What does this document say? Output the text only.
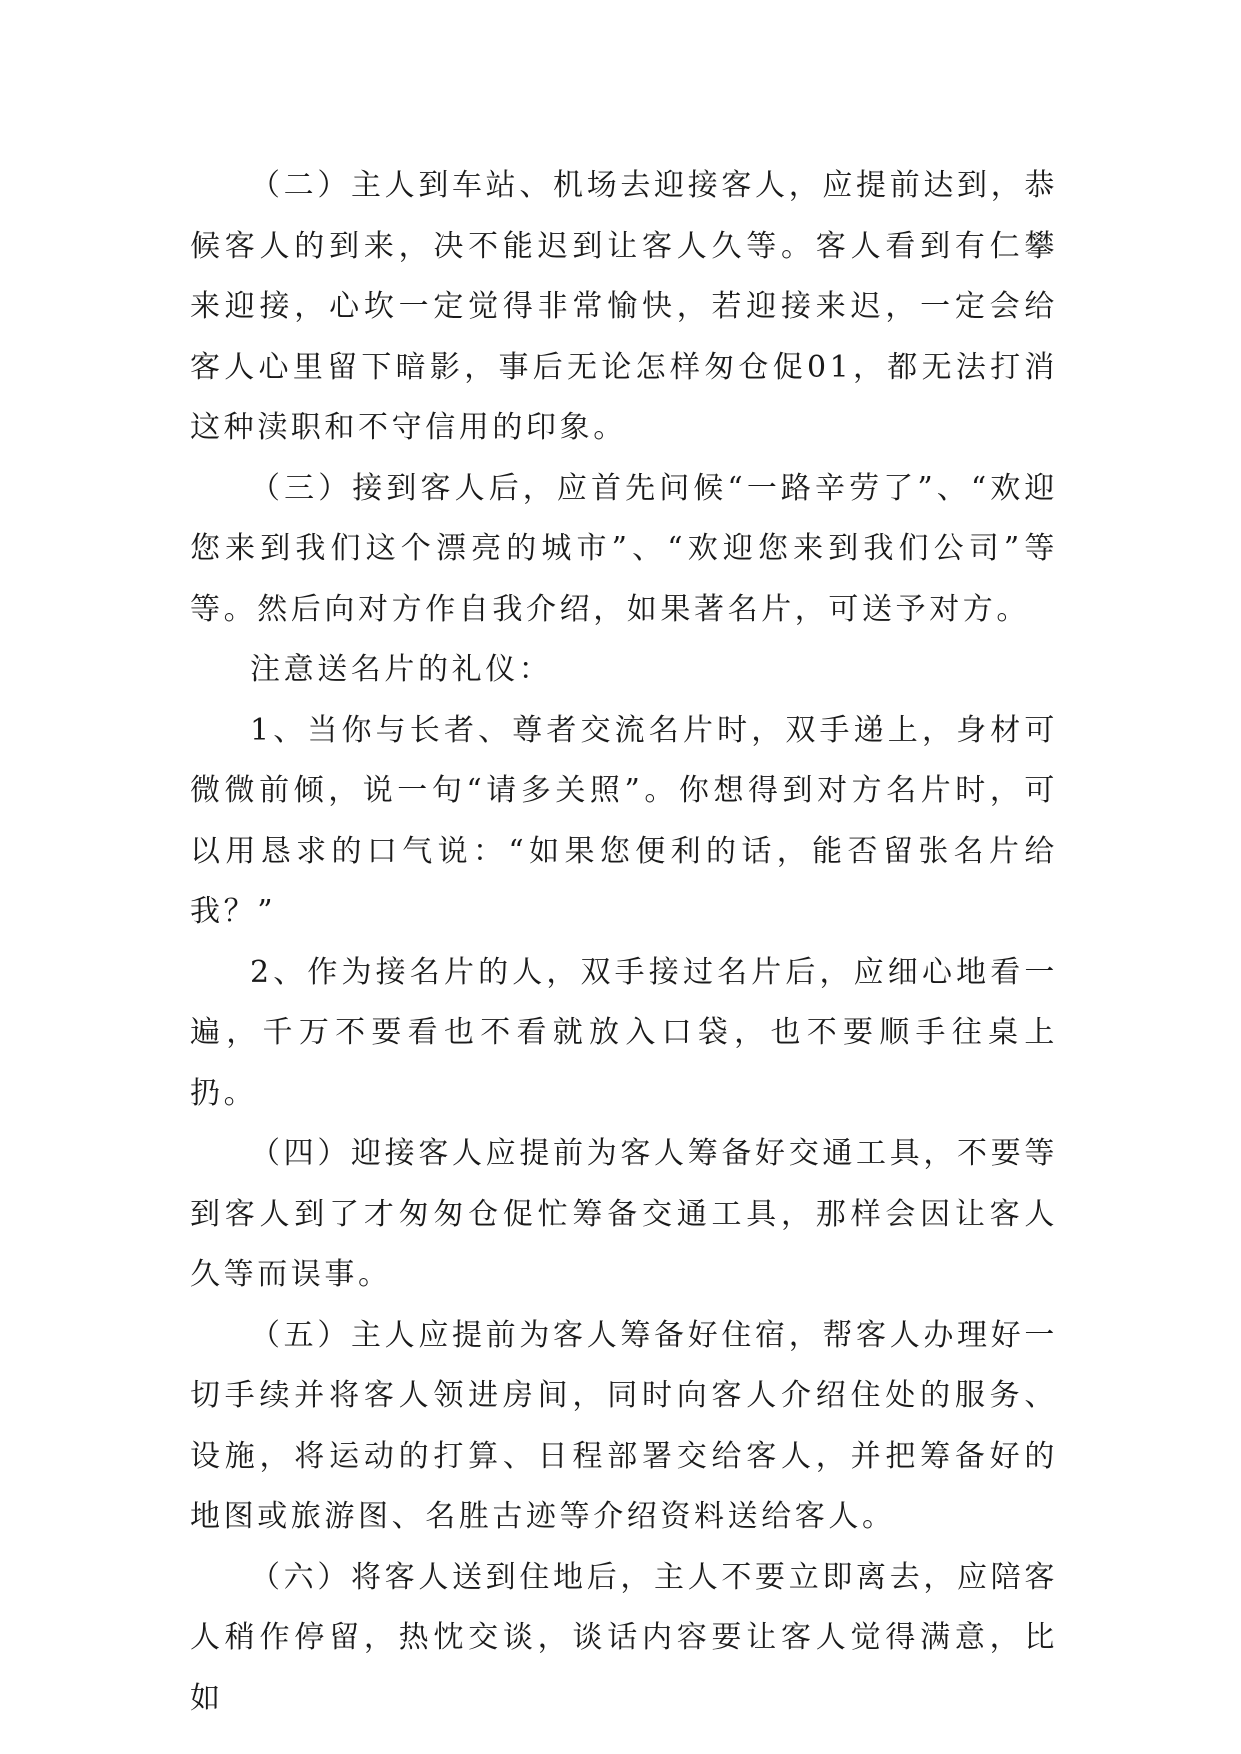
（二）主人到车站、机场去迎接客人，应提前达到，恭候客人的到来，决不能迟到让客人久等。客人看到有仁攀来迎接，心坎一定觉得非常愉快，若迎接来迟，一定会给客人心里留下暗影，事后无论怎样匆仓促01，都无法打消这种渎职和不守信用的印象。

（三）接到客人后，应首先问候“一路辛劳了”、“欢迎您来到我们这个漂亮的城市”、“欢迎您来到我们公司”等等。然后向对方作自我介绍，如果著名片，可送予对方。

注意送名片的礼仪：

1、当你与长者、尊者交流名片时，双手递上，身材可微微前倾，说一句“请多关照”。你想得到对方名片时，可以用恳求的口气说：“如果您便利的话，能否留张名片给我？”

2、作为接名片的人，双手接过名片后，应细心地看一遍，千万不要看也不看就放入口袋，也不要顺手往桌上扔。

（四）迎接客人应提前为客人筹备好交通工具，不要等到客人到了才匆匆仓促忙筹备交通工具，那样会因让客人久等而误事。

（五）主人应提前为客人筹备好住宿，帮客人办理好一切手续并将客人领进房间，同时向客人介绍住处的服务、设施，将运动的打算、日程部署交给客人，并把筹备好的地图或旅游图、名胜古迹等介绍资料送给客人。

（六）将客人送到住地后，主人不要立即离去，应陪客人稍作停留，热忱交谈，谈话内容要让客人觉得满意，比如
